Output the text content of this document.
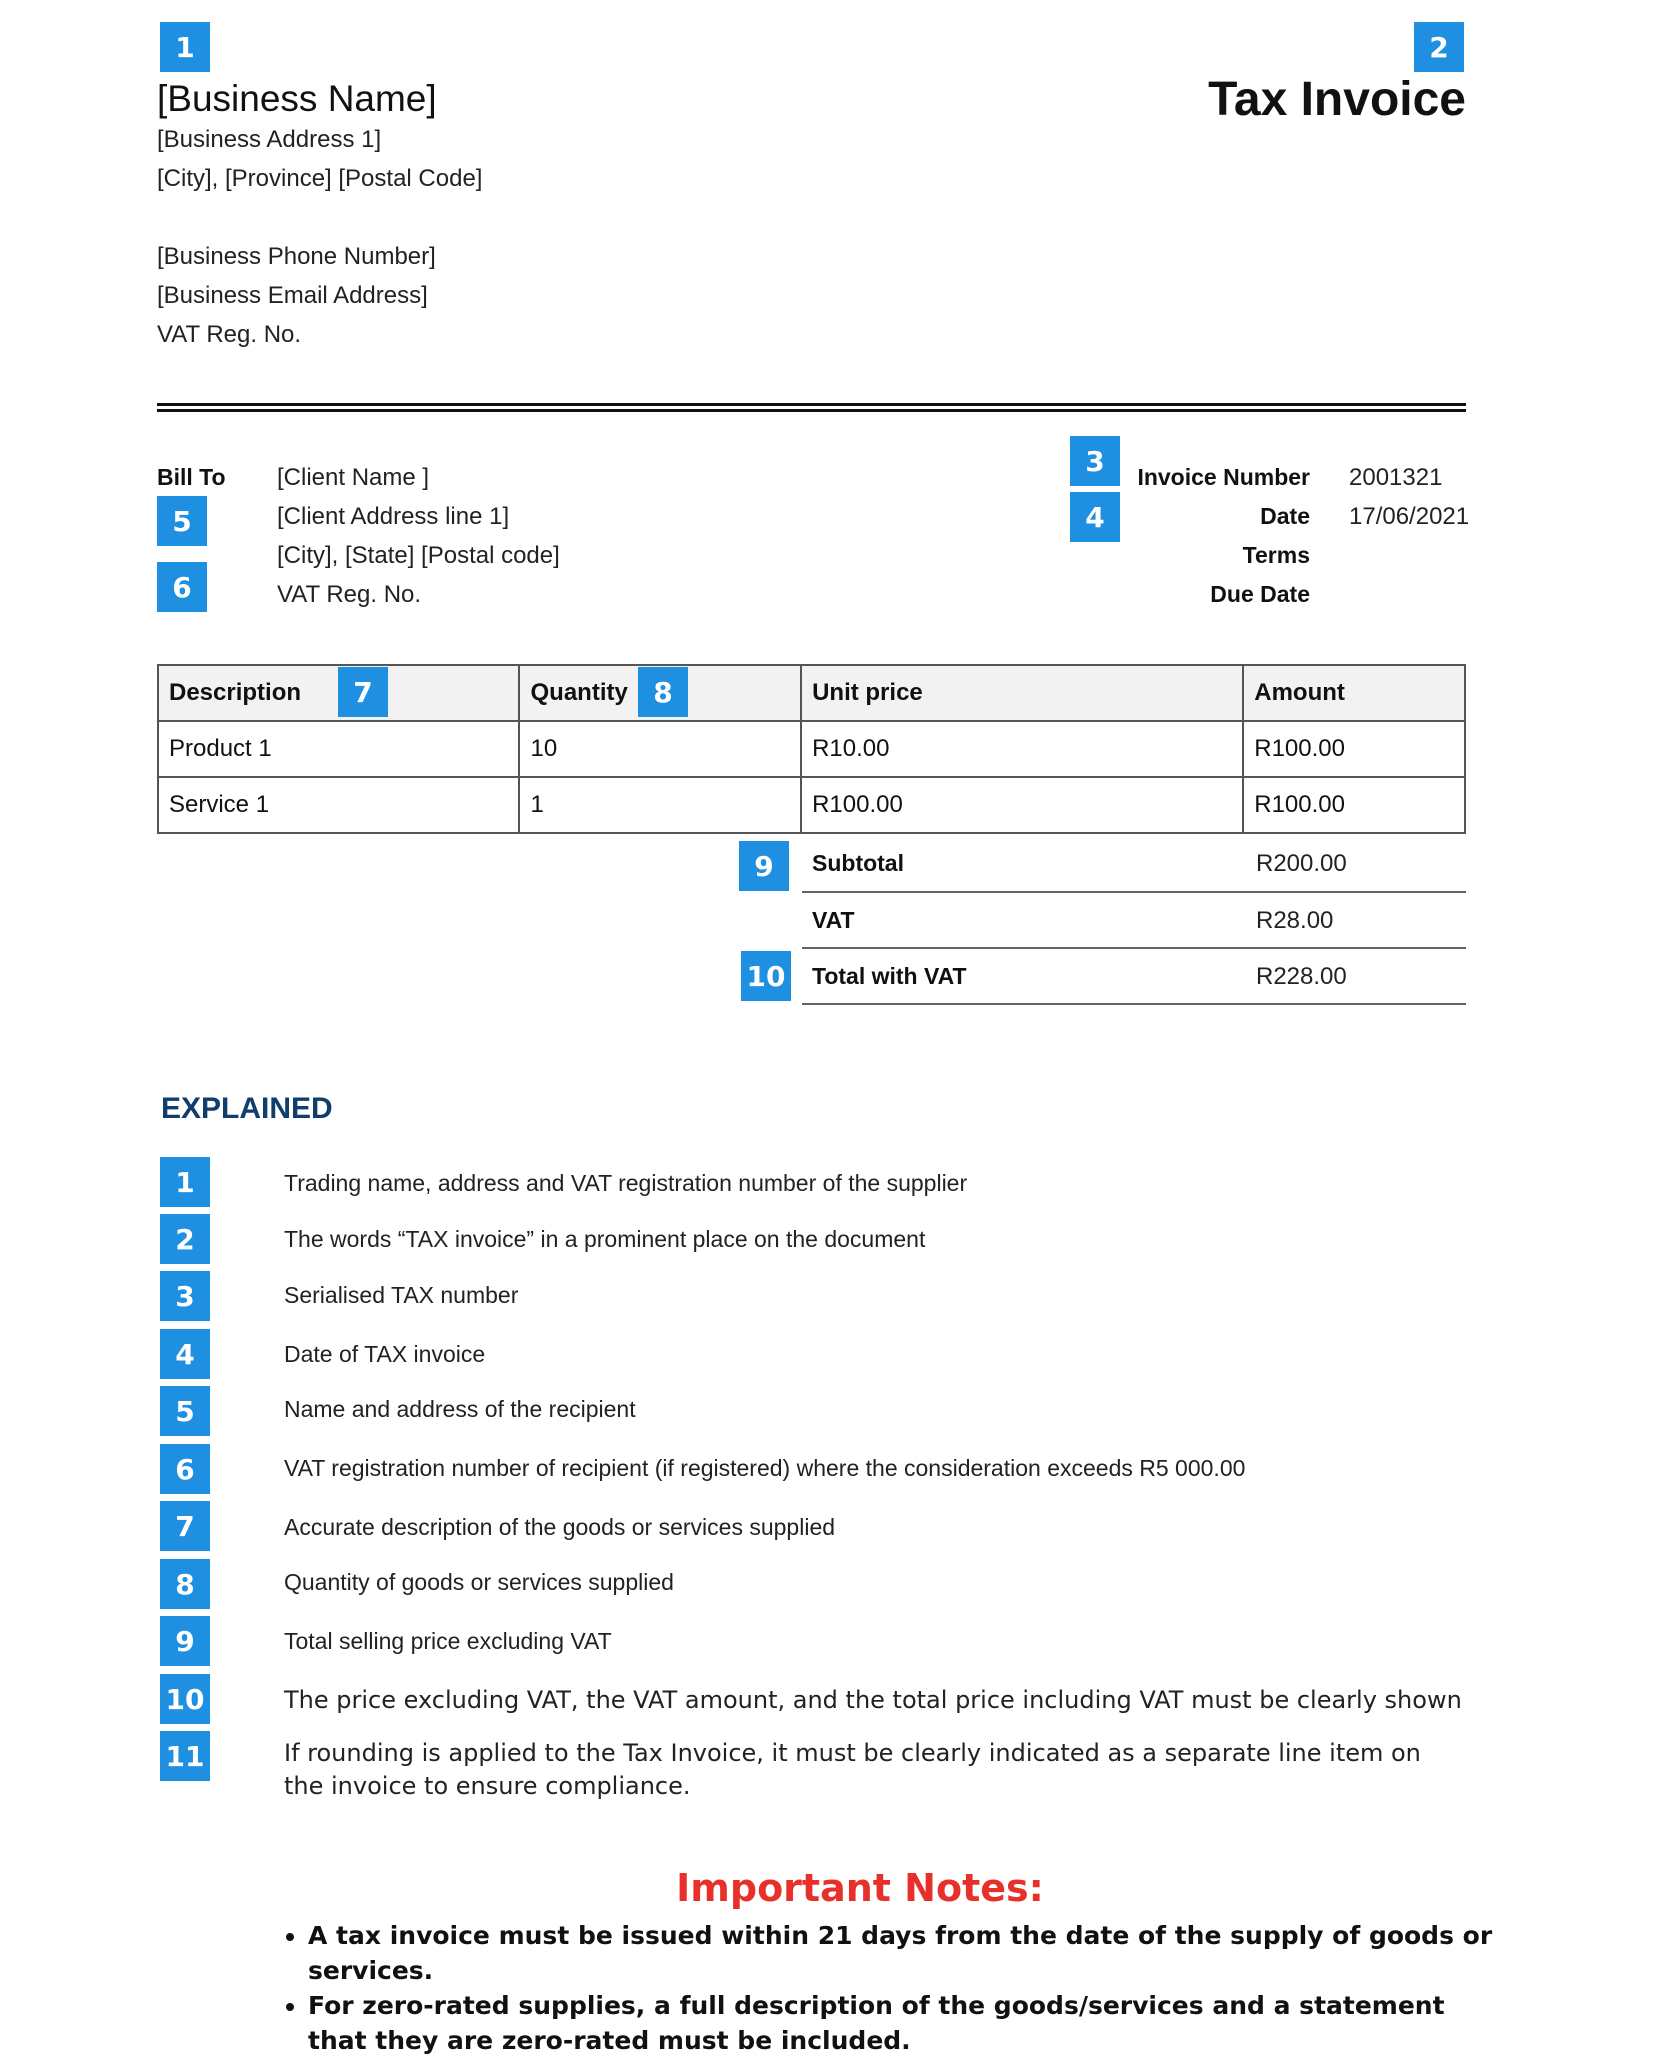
1	2
[Business Name]
[Business Address 1]
[City], [Province] [Postal Code]
[Business Phone Number]
[Business Email Address]
VAT Reg. No.
Tax Invoice
Bill To [Client Name ]
[Client Address line 1]
[City], [State] [Postal code]
VAT Reg. No.
5
6
3
4
Invoice Number 2001321
Date 17/06/2021
Terms
Due Date
Description	Quantity	Unit price	Amount
Product 1	10	R10.00	R100.00
Service 1	1	R100.00	R100.00
7	8
9	Subtotal	R200.00
VAT	R28.00
10 Total with VAT	R228.00
EXPLAINED
1	Trading name, address and VAT registration number of the supplier
2	The words “TAX invoice” in a prominent place on the document
3	Serialised TAX number
4	Date of TAX invoice
5	Name and address of the recipient
6	VAT registration number of recipient (if registered) where the consideration exceeds R5 000.00
7	Accurate description of the goods or services supplied
8	Quantity of goods or services supplied
9	Total selling price excluding VAT
10	The price excluding VAT, the VAT amount, and the total price including VAT must be clearly shown
11	If rounding is applied to the Tax Invoice, it must be clearly indicated as a separate line item on the invoice to ensure compliance.
Important Notes:
• A tax invoice must be issued within 21 days from the date of the supply of goods or services.
• For zero-rated supplies, a full description of the goods/services and a statement that they are zero-rated must be included.
